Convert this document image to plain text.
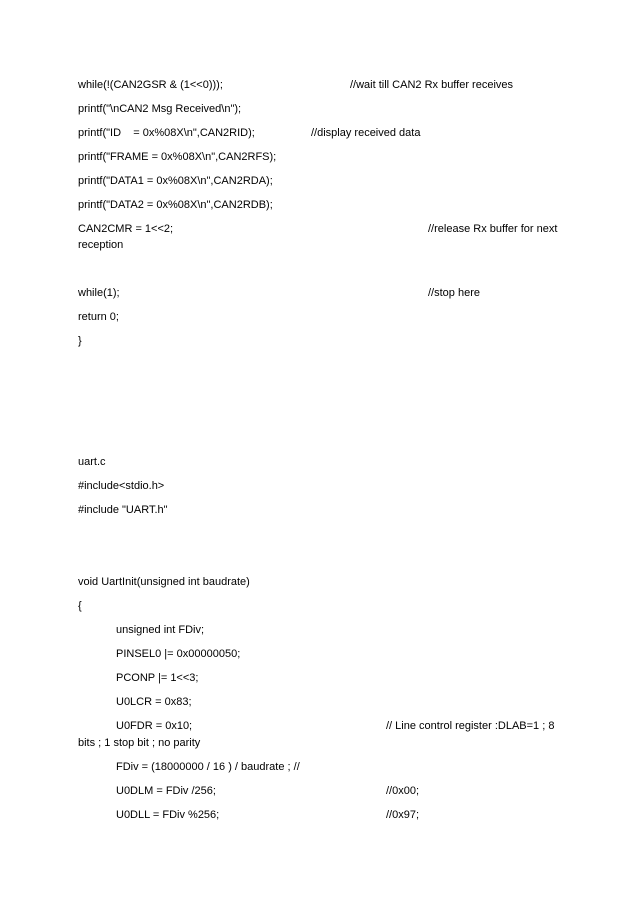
while(!(CAN2GSR & (1<<0)));	//wait till CAN2 Rx buffer receives
printf("\nCAN2 Msg Received\n");
printf("ID    = 0x%08X\n",CAN2RID);	//display received data
printf("FRAME = 0x%08X\n",CAN2RFS);
printf("DATA1 = 0x%08X\n",CAN2RDA);
printf("DATA2 = 0x%08X\n",CAN2RDB);
CAN2CMR = 1<<2;	//release Rx buffer for next
reception
while(1);	//stop here
return 0;
}
uart.c
#include<stdio.h>
#include "UART.h"
void UartInit(unsigned int baudrate)
{
unsigned int FDiv;
PINSEL0 |= 0x00000050;
PCONP |= 1<<3;
U0LCR = 0x83;
U0FDR = 0x10;	// Line control register :DLAB=1 ; 8
bits ; 1 stop bit ; no parity
FDiv = (18000000 / 16 ) / baudrate ; //
U0DLM = FDiv /256;	//0x00;
U0DLL = FDiv %256;	//0x97;
